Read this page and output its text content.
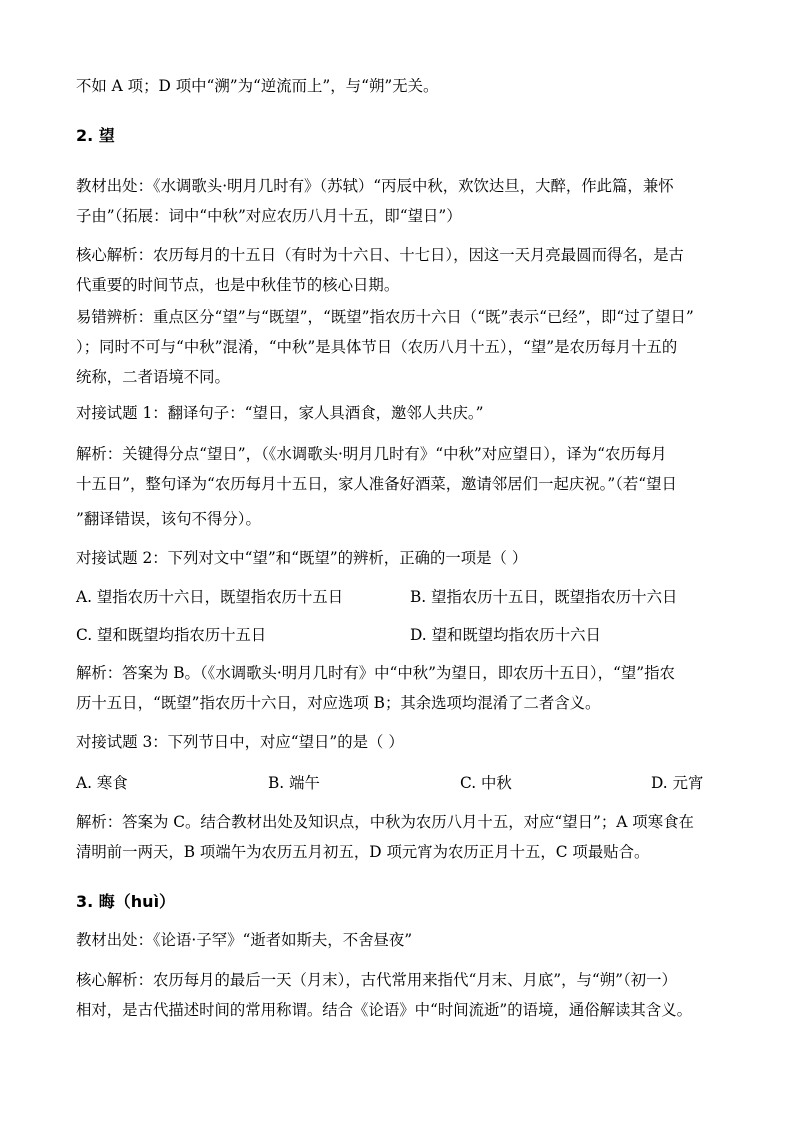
不如 A 项；D 项中“溯”为“逆流而上”，与“朔”无关。

2. 望

教材出处：《水调歌头·明月几时有》（苏轼）“丙辰中秋，欢饮达旦，大醉，作此篇，兼怀

子由”（拓展：词中“中秋”对应农历八月十五，即“望日”）

核心解析：农历每月的十五日（有时为十六日、十七日），因这一天月亮最圆而得名，是古

代重要的时间节点，也是中秋佳节的核心日期。

易错辨析：重点区分“望”与“既望”，“既望”指农历十六日（“既”表示“已经”，即“过了望日”

）；同时不可与“中秋”混淆，“中秋”是具体节日（农历八月十五），“望”是农历每月十五的

统称，二者语境不同。

对接试题 1：翻译句子：“望日，家人具酒食，邀邻人共庆。”

解析：关键得分点“望日”，（《水调歌头·明月几时有》“中秋”对应望日），译为“农历每月

十五日”，整句译为“农历每月十五日，家人准备好酒菜，邀请邻居们一起庆祝。”（若“望日

”翻译错误，该句不得分）。

对接试题 2：下列对文中“望”和“既望”的辨析，正确的一项是（ ）

A. 望指农历十六日，既望指农历十五日	B. 望指农历十五日，既望指农历十六日

C. 望和既望均指农历十五日	D. 望和既望均指农历十六日

解析：答案为 B。（《水调歌头·明月几时有》中“中秋”为望日，即农历十五日），“望”指农

历十五日，“既望”指农历十六日，对应选项 B；其余选项均混淆了二者含义。

对接试题 3：下列节日中，对应“望日”的是（ ）

A. 寒食	B. 端午	C. 中秋	D. 元宵

解析：答案为 C。结合教材出处及知识点，中秋为农历八月十五，对应“望日”；A 项寒食在

清明前一两天，B 项端午为农历五月初五，D 项元宵为农历正月十五，C 项最贴合。

3. 晦（huì）

教材出处：《论语·子罕》“逝者如斯夫，不舍昼夜”

核心解析：农历每月的最后一天（月末），古代常用来指代“月末、月底”，与“朔”（初一）

相对，是古代描述时间的常用称谓。结合《论语》中“时间流逝”的语境，通俗解读其含义。
